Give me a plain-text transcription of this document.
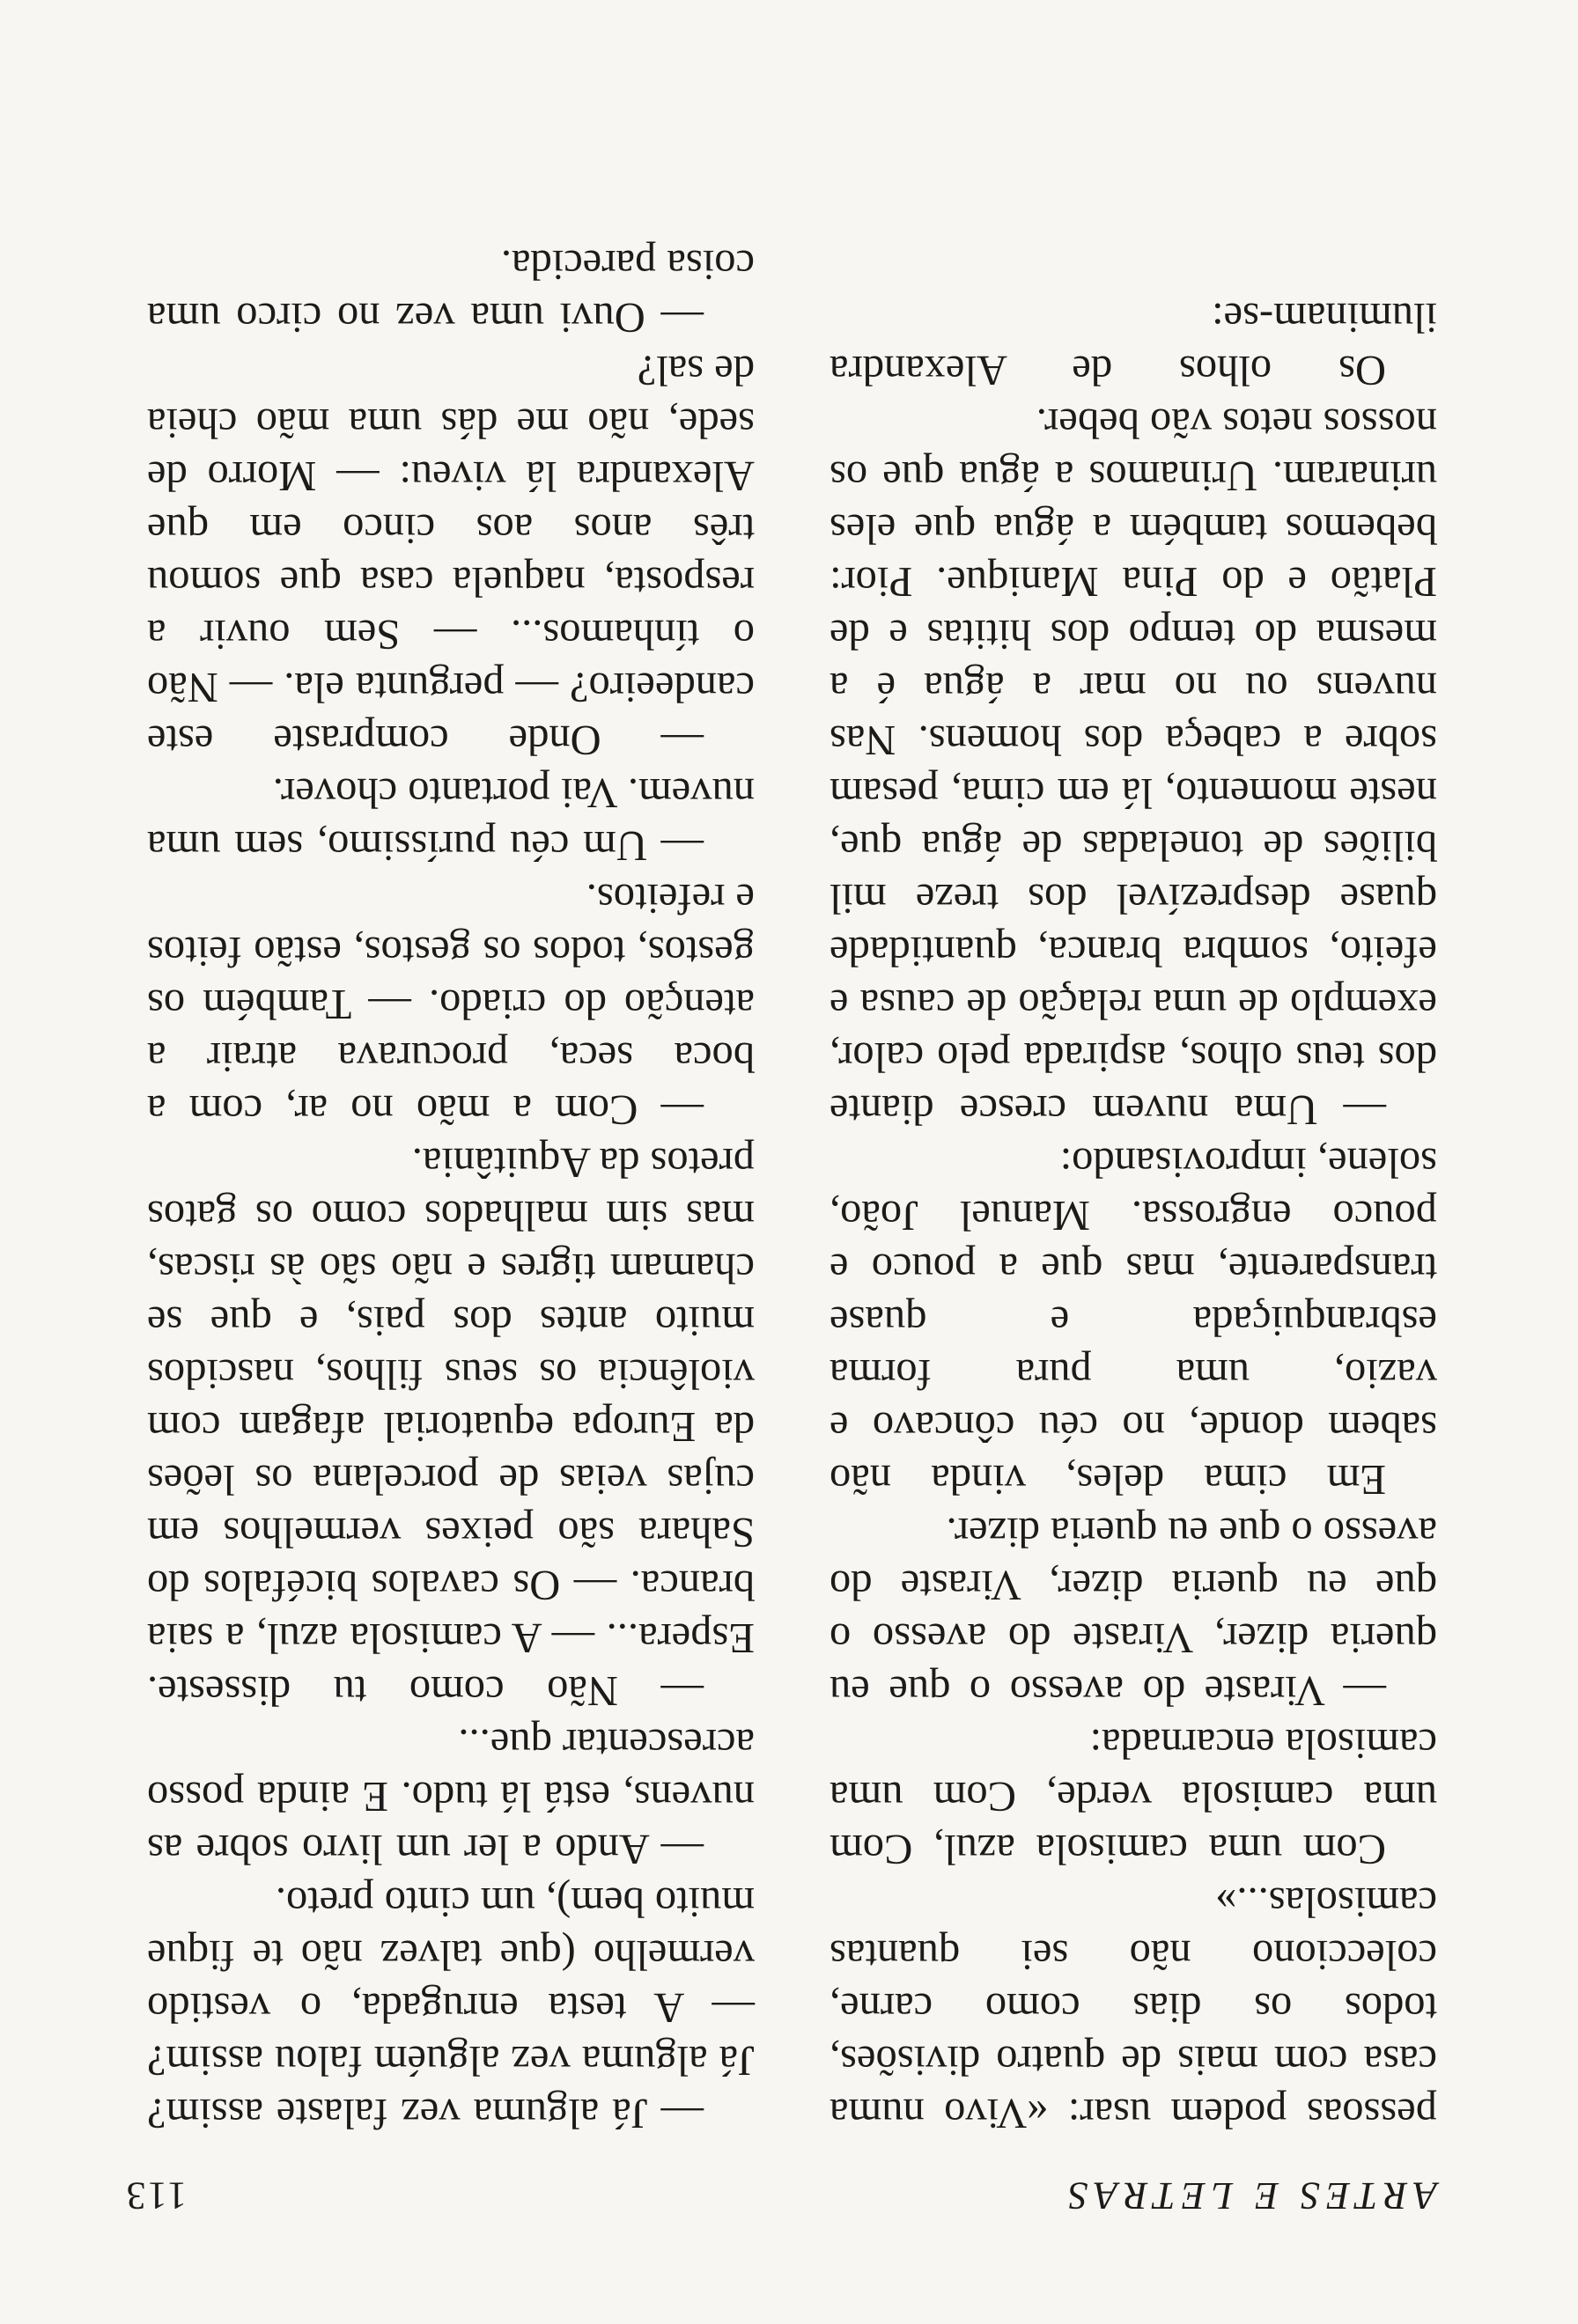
ARTES E LETRAS
113

pessoas podem usar: «Vivo numa casa com mais de quatro divisões, todos os dias como carne, colecciono não sei quantas camisolas...»

Com uma camisola azul, Com uma camisola verde, Com uma camisola encarnada:

— Viraste do avesso o que eu queria dizer, Viraste do avesso o que eu queria dizer, Viraste do avesso o que eu queria dizer.

Em cima deles, vinda não sabem donde, no céu côncavo e vazio, uma pura forma esbranquiçada e quase transparente, mas que a pouco e pouco engrossa. Manuel João, solene, improvisando:

— Uma nuvem cresce diante dos teus olhos, aspirada pelo calor, exemplo de uma relação de causa e efeito, sombra branca, quantidade quase desprezível dos treze mil biliões de toneladas de água que, neste momento, lá em cima, pesam sobre a cabeça dos homens. Nas nuvens ou no mar a água é a mesma do tempo dos hititas e de Platão e do Pina Manique. Pior: bebemos também a água que eles urinaram. Urinamos a água que os nossos netos vão beber.

Os olhos de Alexandra iluminam-se:

— Já alguma vez falaste assim? Já alguma vez alguém falou assim? — A testa enrugada, o vestido vermelho (que talvez não te fique muito bem), um cinto preto.

— Ando a ler um livro sobre as nuvens, está lá tudo. E ainda posso acrescentar que...

— Não como tu disseste. Espera... — A camisola azul, a saia branca. — Os cavalos bicéfalos do Sahara são peixes vermelhos em cujas veias de porcelana os leões da Europa equatorial afagam com violência os seus filhos, nascidos muito antes dos pais, e que se chamam tigres e não são às riscas, mas sim malhados como os gatos pretos da Aquitânia.

— Com a mão no ar, com a boca seca, procurava atrair a atenção do criado. — Também os gestos, todos os gestos, estão feitos e refeitos.

— Um céu puríssimo, sem uma nuvem. Vai portanto chover.

— Onde compraste este candeeiro? — pergunta ela. — Não o tínhamos... — Sem ouvir a resposta, naquela casa que somou três anos aos cinco em que Alexandra lá viveu: — Morro de sede, não me dás uma mão cheia de sal?

— Ouvi uma vez no circo uma coisa parecida.
